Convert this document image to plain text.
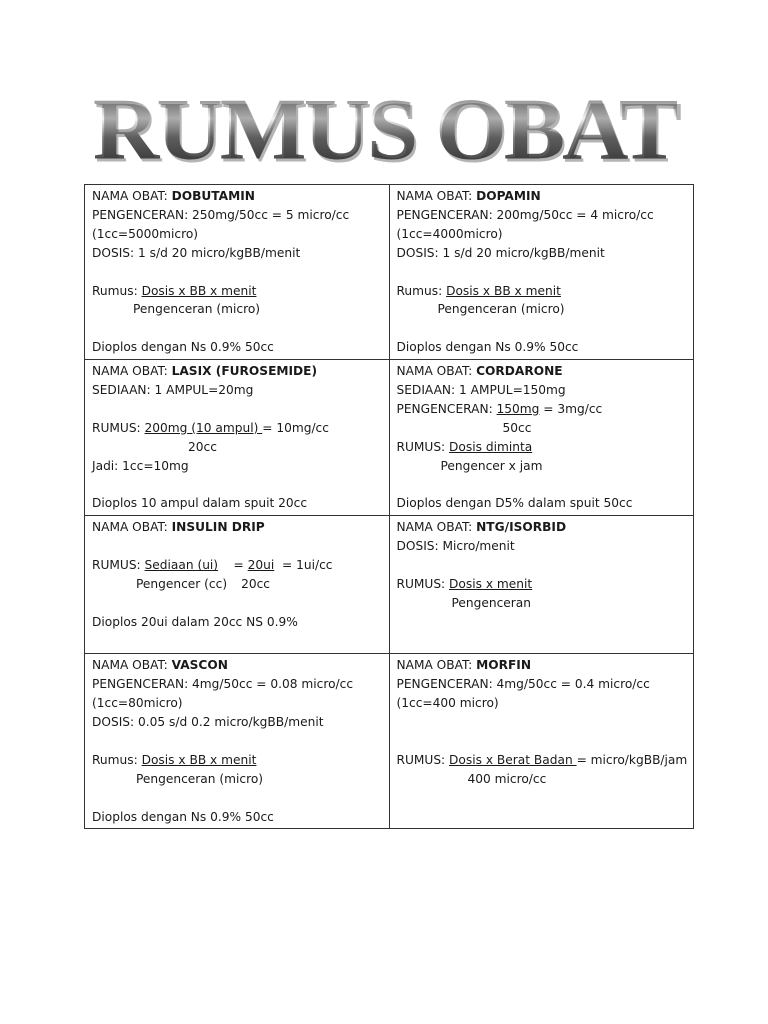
RUMUS OBAT
NAMA OBAT: DOBUTAMIN
PENGENCERAN: 250mg/50cc = 5 micro/cc
(1cc=5000micro)
DOSIS: 1 s/d 20 micro/kgBB/menit
Rumus: Dosis x BB x menit
Pengenceran (micro)
Dioplos dengan Ns 0.9% 50cc

NAMA OBAT: DOPAMIN
PENGENCERAN: 200mg/50cc = 4 micro/cc
(1cc=4000micro)
DOSIS: 1 s/d 20 micro/kgBB/menit
Rumus: Dosis x BB x menit
Pengenceran (micro)
Dioplos dengan Ns 0.9% 50cc

NAMA OBAT: LASIX (FUROSEMIDE)
SEDIAAN: 1 AMPUL=20mg
RUMUS: 200mg (10 ampul) = 10mg/cc
20cc
Jadi: 1cc=10mg
Dioplos 10 ampul dalam spuit 20cc

NAMA OBAT: CORDARONE
SEDIAAN: 1 AMPUL=150mg
PENGENCERAN: 150mg = 3mg/cc
50cc
RUMUS: Dosis diminta
Pengencer x jam
Dioplos dengan D5% dalam spuit 50cc

NAMA OBAT: INSULIN DRIP
RUMUS: Sediaan (ui)    = 20ui  = 1ui/cc
Pengencer (cc) 20cc
Dioplos 20ui dalam 20cc NS 0.9%

NAMA OBAT: NTG/ISORBID
DOSIS: Micro/menit
RUMUS: Dosis x menit
Pengenceran

NAMA OBAT: VASCON
PENGENCERAN: 4mg/50cc = 0.08 micro/cc
(1cc=80micro)
DOSIS: 0.05 s/d 0.2 micro/kgBB/menit
Rumus: Dosis x BB x menit
Pengenceran (micro)
Dioplos dengan Ns 0.9% 50cc

NAMA OBAT: MORFIN
PENGENCERAN: 4mg/50cc = 0.4 micro/cc
(1cc=400 micro)
RUMUS: Dosis x Berat Badan = micro/kgBB/jam
400 micro/cc
